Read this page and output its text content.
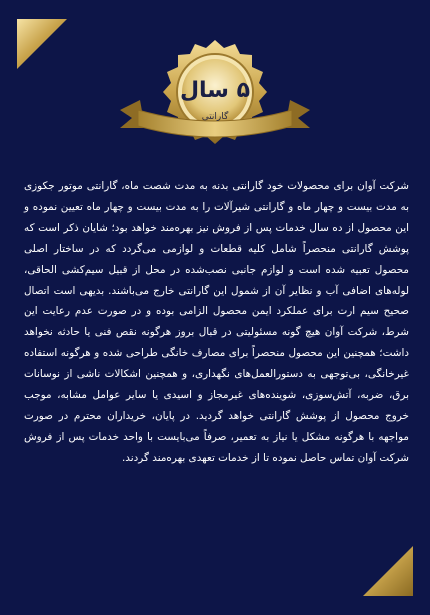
۵ سال
گارانتی

شرکت آوان برای محصولات خود گارانتی بدنه به مدت شصت ماه، گارانتی موتور جکوزی به مدت بیست و چهار ماه و گارانتی شیرآلات را به مدت بیست و چهار ماه تعیین نموده و این محصول از ده سال خدمات پس از فروش نیز بهره‌مند خواهد بود؛ شایان ذکر است که پوشش گارانتی منحصراً شامل کلیه قطعات و لوازمی می‌گردد که در ساختار اصلی محصول تعبیه شده است و لوازم جانبی نصب‌شده در محل از قبیل سیم‌کشی الحاقی، لوله‌های اضافی آب و نظایر آن از شمول این گارانتی خارج می‌باشند. بدیهی است اتصال صحیح سیم ارت برای عملکرد ایمن محصول الزامی بوده و در صورت عدم رعایت این شرط، شرکت آوان هیچ گونه مسئولیتی در قبال بروز هرگونه نقص فنی یا حادثه نخواهد داشت؛ همچنین این محصول منحصراً برای مصارف خانگی طراحی شده و هرگونه استفاده غیرخانگی، بی‌توجهی به دستورالعمل‌های نگهداری، و همچنین اشکالات ناشی از نوسانات برق، ضربه، آتش‌سوزی، شوینده‌های غیرمجاز و اسیدی یا سایر عوامل مشابه، موجب خروج محصول از پوشش گارانتی خواهد گردید. در پایان، خریداران محترم در صورت مواجهه با هرگونه مشکل یا نیاز به تعمیر، صرفاً می‌بایست با واحد خدمات پس از فروش شرکت آوان تماس حاصل نموده تا از خدمات تعهدی بهره‌مند گردند.
